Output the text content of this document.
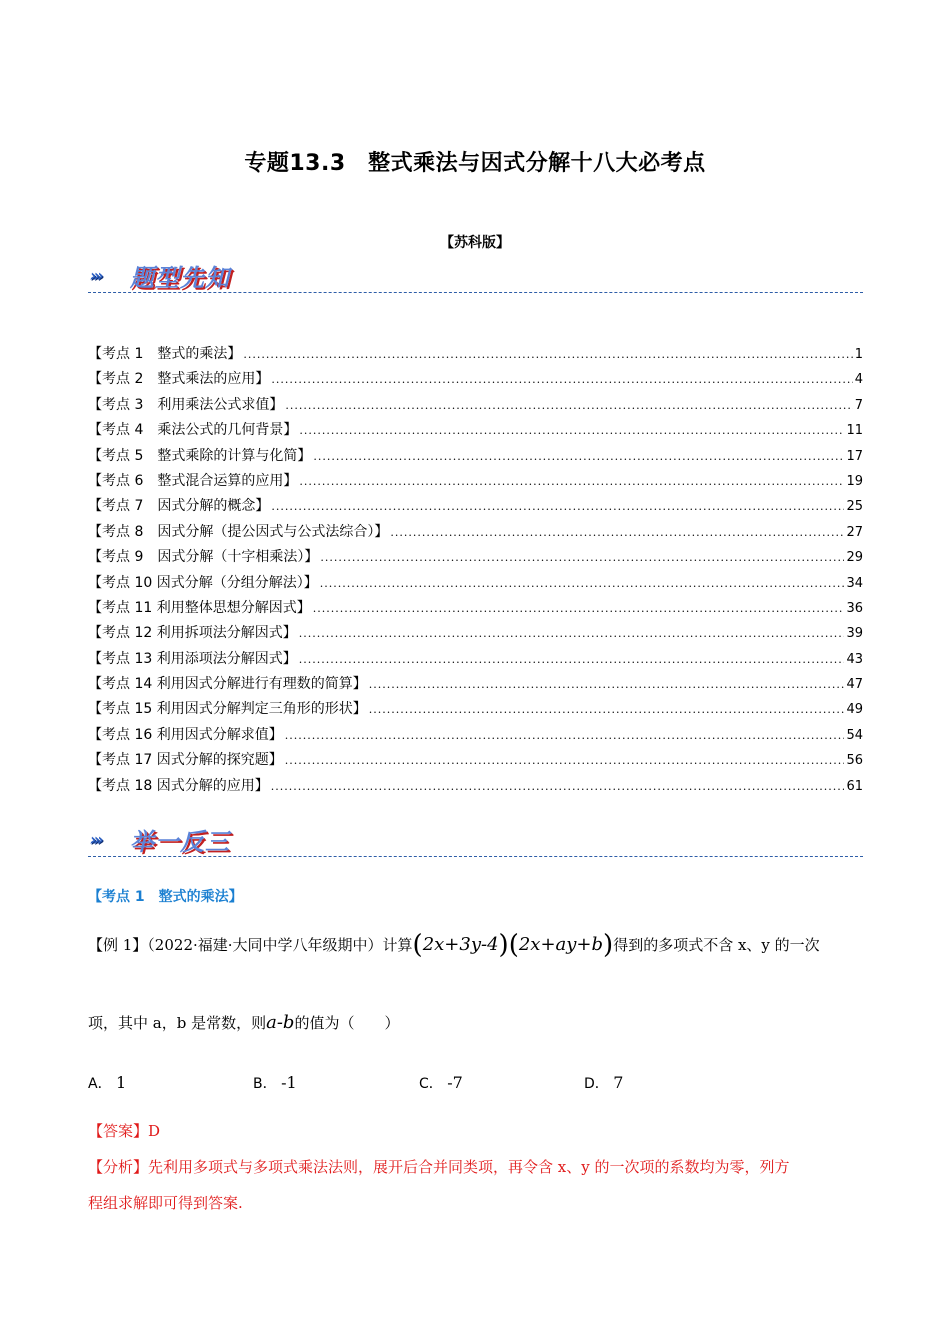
专题13.3　整式乘法与因式分解十八大必考点
【苏科版】
››› 题型先知
【考点 1　整式的乘法】 .....	1
【考点 2　整式乘法的应用】 .....	4
【考点 3　利用乘法公式求值】 .....	7
【考点 4　乘法公式的几何背景】 .....	11
【考点 5　整式乘除的计算与化简】 .....	17
【考点 6　整式混合运算的应用】 .....	19
【考点 7　因式分解的概念】 .....	25
【考点 8　因式分解（提公因式与公式法综合）】 .....	27
【考点 9　因式分解（十字相乘法）】 .....	29
【考点 10 因式分解（分组分解法）】 .....	34
【考点 11 利用整体思想分解因式】 .....	36
【考点 12 利用拆项法分解因式】 .....	39
【考点 13 利用添项法分解因式】 .....	43
【考点 14 利用因式分解进行有理数的简算】 .....	47
【考点 15 利用因式分解判定三角形的形状】 .....	49
【考点 16 利用因式分解求值】 .....	54
【考点 17 因式分解的探究题】 .....	56
【考点 18 因式分解的应用】 .....	61
››› 举一反三
【考点 1　整式的乘法】
【例 1】（2022·福建·大同中学八年级期中）计算(2x+3y-4)(2x+ay+b)得到的多项式不含 x、y 的一次
项，其中 a，b 是常数，则a-b的值为（　　）
A． 1	B． -1	C． -7	D． 7
【答案】D
【分析】先利用多项式与多项式乘法法则，展开后合并同类项，再令含 x、y 的一次项的系数均为零，列方
程组求解即可得到答案.
